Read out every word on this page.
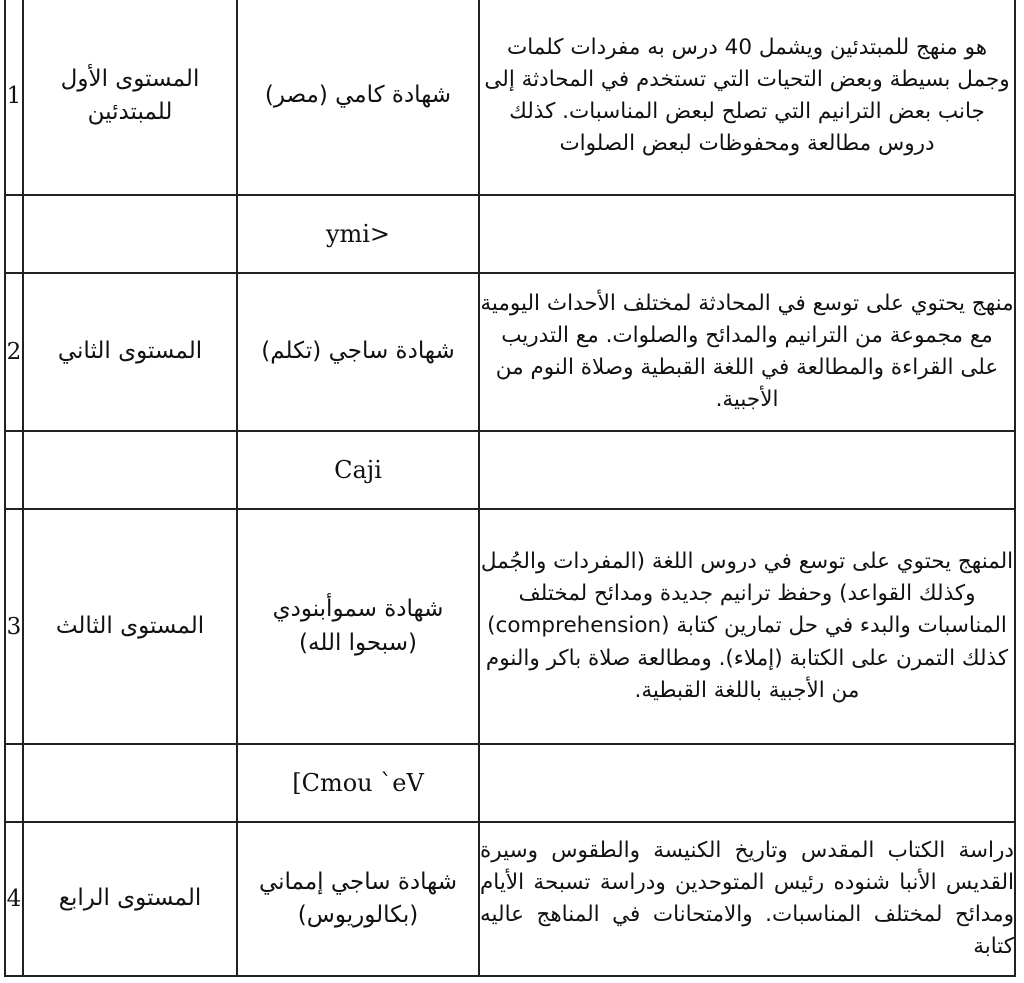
1	المستوى الأول للمبتدئين	شهادة كامي (مصر)	هو منهج للمبتدئين ويشمل 40 درس به مفردات كلمات وجمل بسيطة وبعض التحيات التي تستخدم في المحادثة إلى جانب بعض الترانيم التي تصلح لبعض المناسبات. كذلك دروس مطالعة ومحفوظات لبعض الصلوات
		ymi>	
2	المستوى الثاني	شهادة ساجي (تكلم)	منهج يحتوي على توسع في المحادثة لمختلف الأحداث اليومية مع مجموعة من الترانيم والمدائح والصلوات. مع التدريب على القراءة والمطالعة في اللغة القبطية وصلاة النوم من الأجبية.
		Caji	
3	المستوى الثالث	شهادة سموأبنودي (سبحوا الله)	المنهج يحتوي على توسع في دروس اللغة (المفردات والجُمل وكذلك القواعد) وحفظ ترانيم جديدة ومدائح لمختلف المناسبات والبدء في حل تمارين كتابة (comprehension) كذلك التمرن على الكتابة (إملاء). ومطالعة صلاة باكر والنوم من الأجبية باللغة القبطية.
		[Cmou `eV	
4	المستوى الرابع	شهادة ساجي إمماني (بكالوريوس)	دراسة الكتاب المقدس وتاريخ الكنيسة والطقوس وسيرة القديس الأنبا شنوده رئيس المتوحدين ودراسة تسبحة الأيام ومدائح لمختلف المناسبات. والامتحانات في المناهج عاليه كتابة
